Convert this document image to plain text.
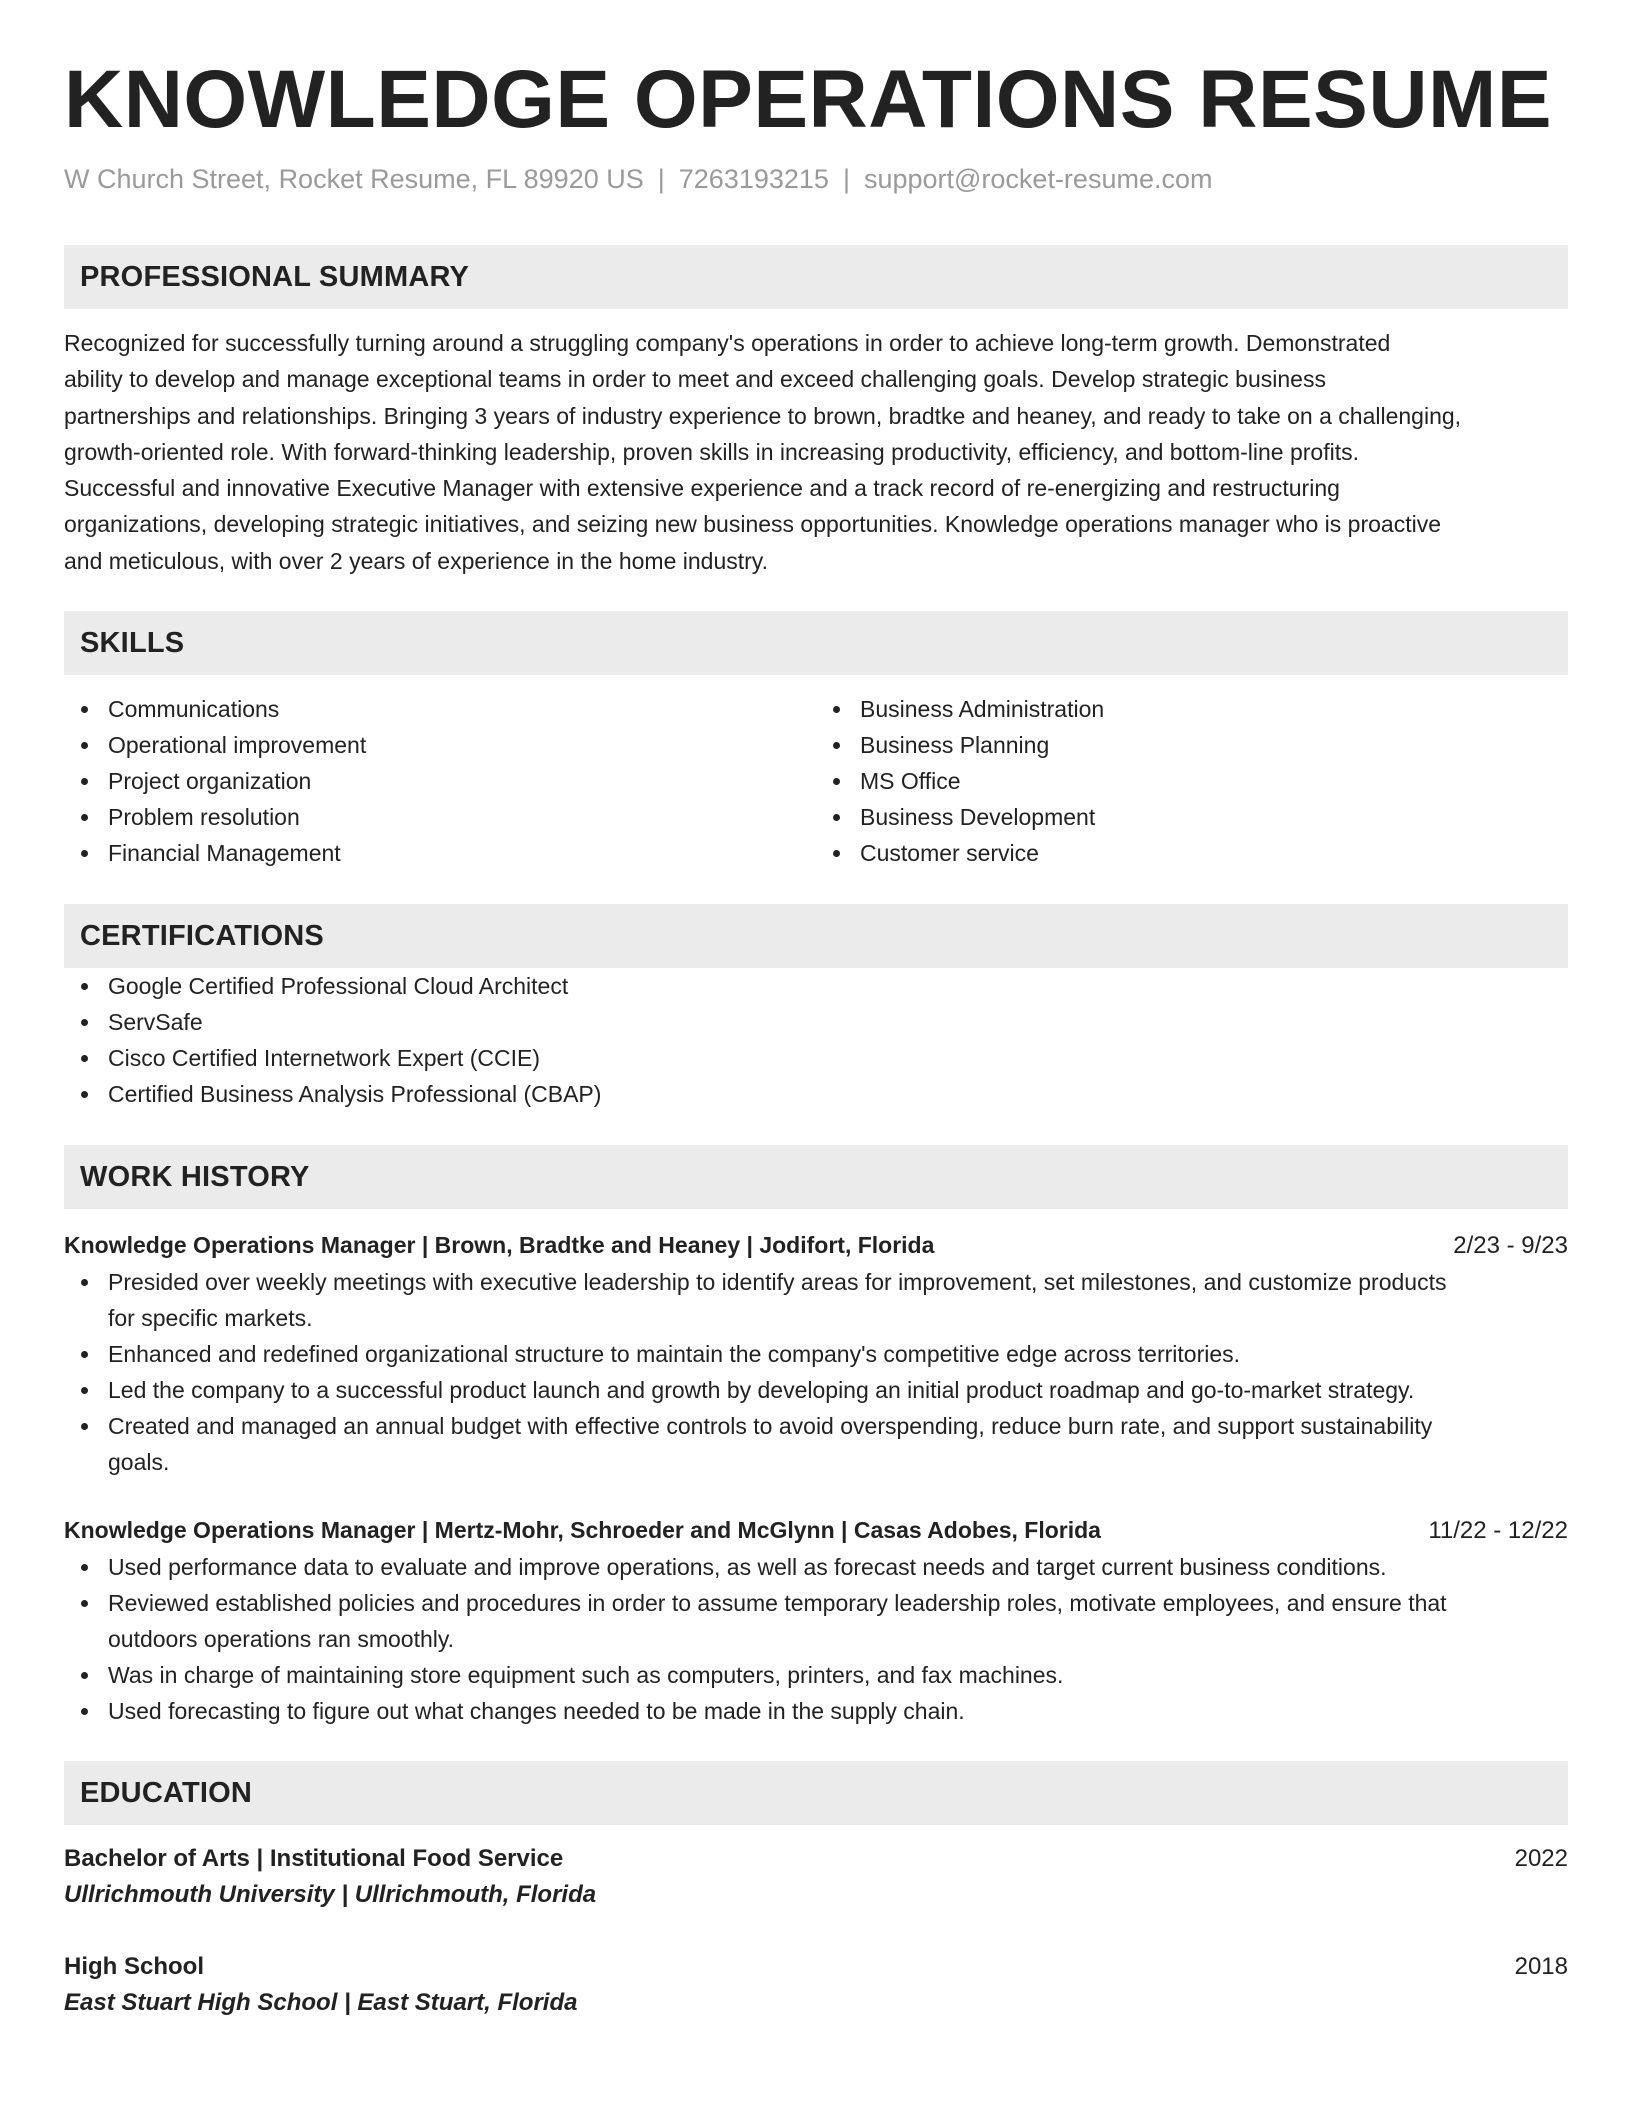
KNOWLEDGE OPERATIONS RESUME
W Church Street, Rocket Resume, FL 89920 US | 7263193215 | support@rocket-resume.com
PROFESSIONAL SUMMARY
Recognized for successfully turning around a struggling company's operations in order to achieve long-term growth. Demonstrated
ability to develop and manage exceptional teams in order to meet and exceed challenging goals. Develop strategic business
partnerships and relationships. Bringing 3 years of industry experience to brown, bradtke and heaney, and ready to take on a challenging,
growth-oriented role. With forward-thinking leadership, proven skills in increasing productivity, efficiency, and bottom-line profits.
Successful and innovative Executive Manager with extensive experience and a track record of re-energizing and restructuring
organizations, developing strategic initiatives, and seizing new business opportunities. Knowledge operations manager who is proactive
and meticulous, with over 2 years of experience in the home industry.
SKILLS
Communications
Operational improvement
Project organization
Problem resolution
Financial Management
Business Administration
Business Planning
MS Office
Business Development
Customer service
CERTIFICATIONS
Google Certified Professional Cloud Architect
ServSafe
Cisco Certified Internetwork Expert (CCIE)
Certified Business Analysis Professional (CBAP)
WORK HISTORY
Knowledge Operations Manager | Brown, Bradtke and Heaney | Jodifort, Florida	2/23 - 9/23
Presided over weekly meetings with executive leadership to identify areas for improvement, set milestones, and customize products
for specific markets.
Enhanced and redefined organizational structure to maintain the company's competitive edge across territories.
Led the company to a successful product launch and growth by developing an initial product roadmap and go-to-market strategy.
Created and managed an annual budget with effective controls to avoid overspending, reduce burn rate, and support sustainability
goals.
Knowledge Operations Manager | Mertz-Mohr, Schroeder and McGlynn | Casas Adobes, Florida	11/22 - 12/22
Used performance data to evaluate and improve operations, as well as forecast needs and target current business conditions.
Reviewed established policies and procedures in order to assume temporary leadership roles, motivate employees, and ensure that
outdoors operations ran smoothly.
Was in charge of maintaining store equipment such as computers, printers, and fax machines.
Used forecasting to figure out what changes needed to be made in the supply chain.
EDUCATION
Bachelor of Arts | Institutional Food Service	2022
Ullrichmouth University | Ullrichmouth, Florida
High School	2018
East Stuart High School | East Stuart, Florida
